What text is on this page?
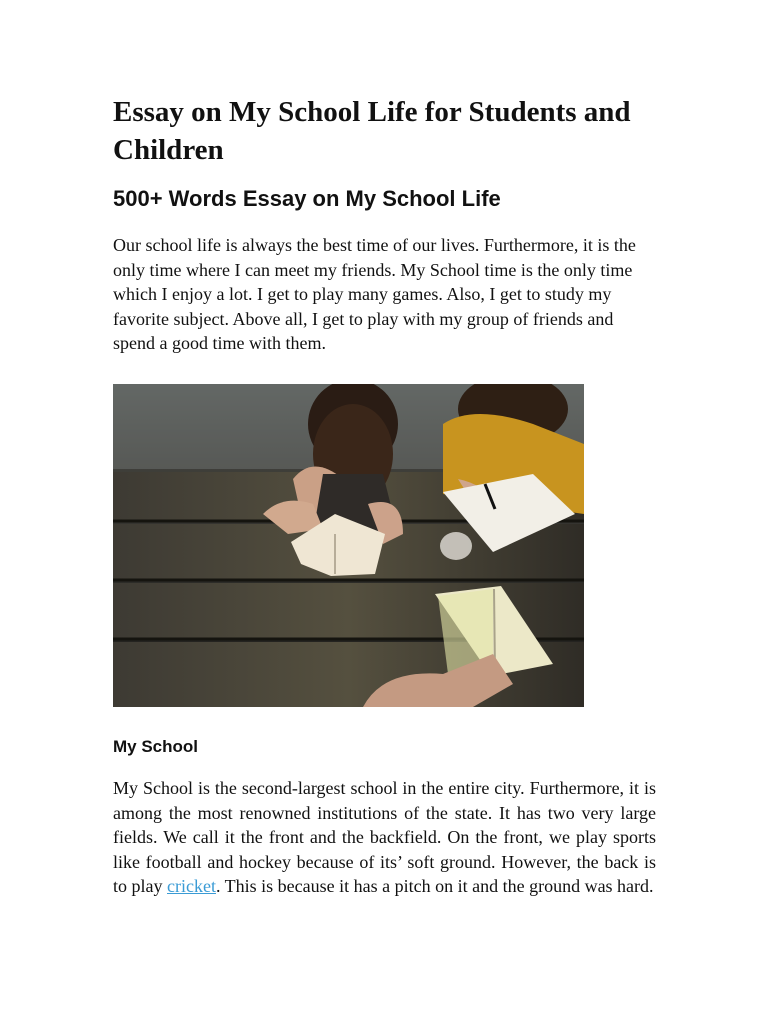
Essay on My School Life for Students and Children
500+ Words Essay on My School Life

Our school life is always the best time of our lives. Furthermore, it is the only time where I can meet my friends. My School time is the only time which I enjoy a lot. I get to play many games. Also, I get to study my favorite subject. Above all, I get to play with my group of friends and spend a good time with them.

My School

My School is the second-largest school in the entire city. Furthermore, it is among the most renowned institutions of the state. It has two very large fields. We call it the front and the backfield. On the front, we play sports like football and hockey because of its’ soft ground. However, the back is to play cricket. This is because it has a pitch on it and the ground was hard.
